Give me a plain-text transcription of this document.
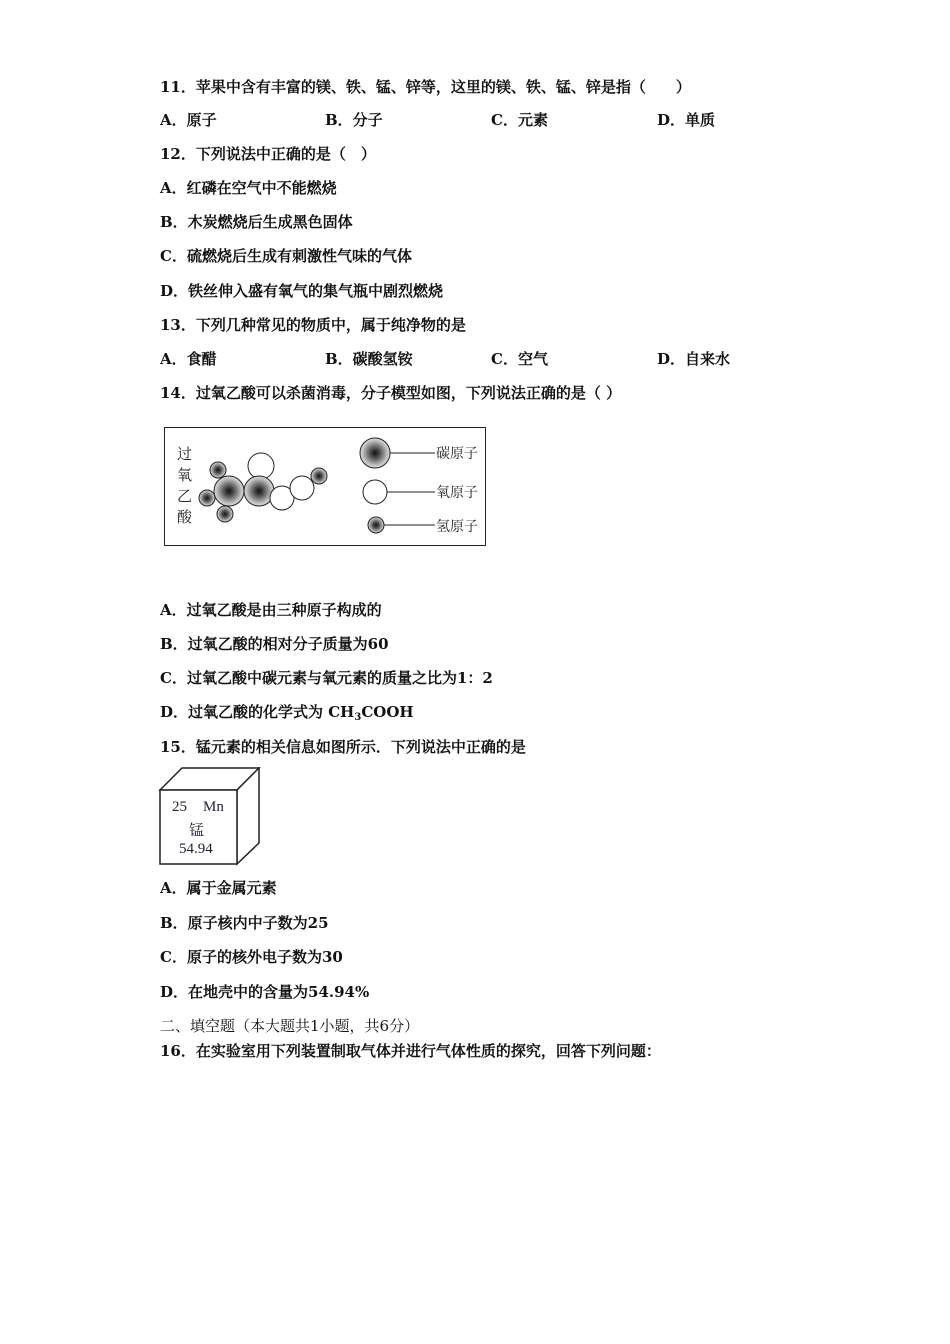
11．苹果中含有丰富的镁、铁、锰、锌等，这里的镁、铁、锰、锌是指（　　）
A．原子	B．分子	C．元素	D．单质
12．下列说法中正确的是（　）
A．红磷在空气中不能燃烧
B．木炭燃烧后生成黑色固体
C．硫燃烧后生成有刺激性气味的气体
D．铁丝伸入盛有氧气的集气瓶中剧烈燃烧
13．下列几种常见的物质中，属于纯净物的是
A．食醋	B．碳酸氢铵	C．空气	D．自来水
14．过氧乙酸可以杀菌消毒，分子模型如图，下列说法正确的是（ ）
过
氧
乙
酸
碳原子
氧原子
氢原子
A．过氧乙酸是由三种原子构成的
B．过氧乙酸的相对分子质量为60
C．过氧乙酸中碳元素与氧元素的质量之比为1：2
D．过氧乙酸的化学式为 $CH_3COOH$
15．锰元素的相关信息如图所示．下列说法中正确的是
25 Mn
锰
54.94
A．属于金属元素
B．原子核内中子数为25
C．原子的核外电子数为30
D．在地壳中的含量为54.94%
二、填空题（本大题共1小题，共6分）
16．在实验室用下列装置制取气体并进行气体性质的探究，回答下列问题：
